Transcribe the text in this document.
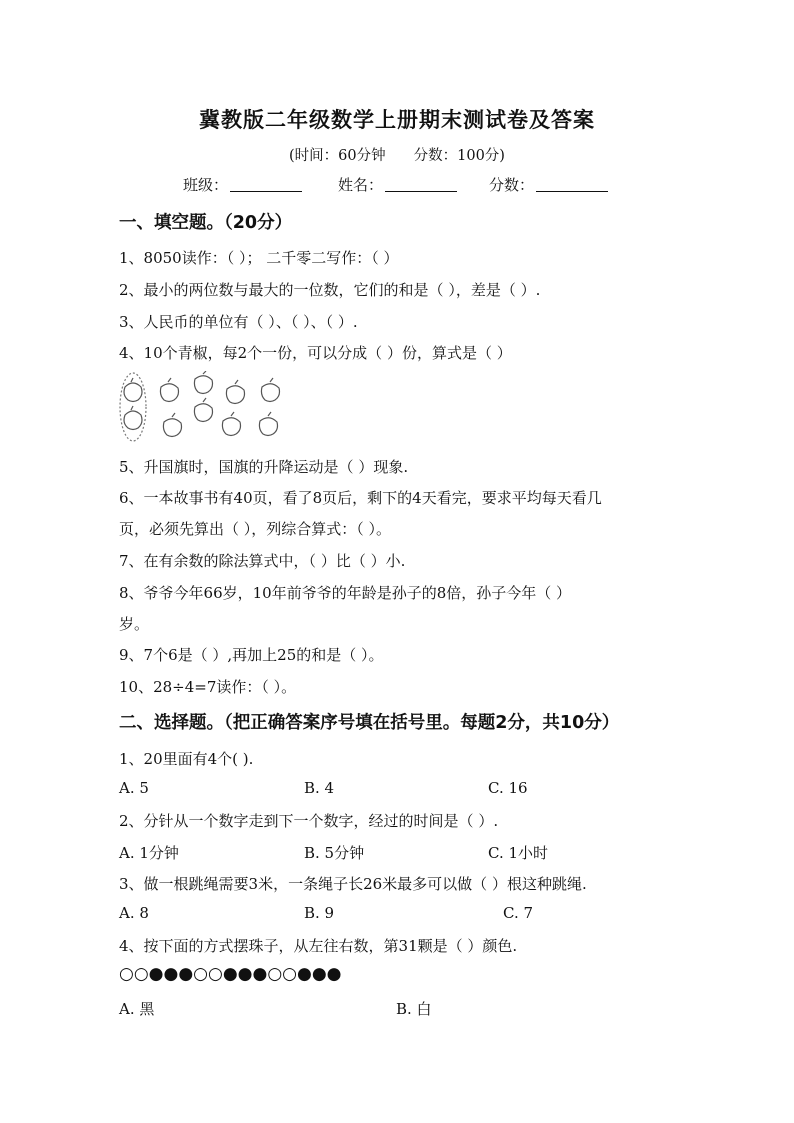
冀教版二年级数学上册期末测试卷及答案
(时间：60分钟 分数：100分)
班级：	姓名：	分数：
一、填空题。（20分）
1、8050读作：（ ）； 二千零二写作：（ ）
2、最小的两位数与最大的一位数，它们的和是（ ），差是（ ）.
3、人民币的单位有（ ）、（ ）、（ ）.
4、10个青椒，每2个一份，可以分成（ ）份，算式是（ ）
5、升国旗时，国旗的升降运动是（ ）现象.
6、一本故事书有40页，看了8页后，剩下的4天看完，要求平均每天看几
页，必须先算出（ ），列综合算式：（ ）。
7、在有余数的除法算式中，（ ）比（ ）小.
8、爷爷今年66岁，10年前爷爷的年龄是孙子的8倍，孙子今年（ ）
岁。
9、7个6是（ ）,再加上25的和是（ ）。
10、28÷4=7读作：（ ）。
二、选择题。（把正确答案序号填在括号里。每题2分，共10分）
1、20里面有4个( ).
A. 5	B. 4	C. 16
2、分针从一个数字走到下一个数字，经过的时间是（ ）.
A. 1分钟	B. 5分钟	C. 1小时
3、做一根跳绳需要3米，一条绳子长26米最多可以做（ ）根这种跳绳.
A. 8	B. 9	C. 7
4、按下面的方式摆珠子，从左往右数，第31颗是（ ）颜色.
○○●●●○○●●●○○●●●
A. 黑	B. 白
